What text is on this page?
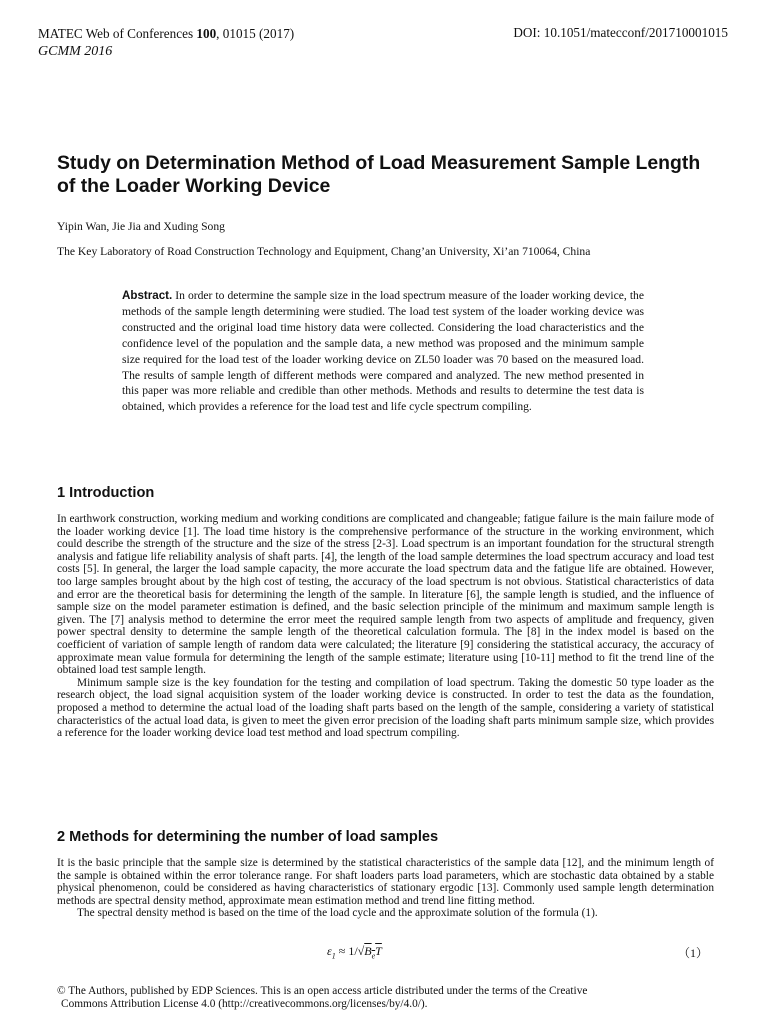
MATEC Web of Conferences 100, 01015 (2017)
GCMM 2016
DOI: 10.1051/matecconf/201710001015
Study on Determination Method of Load Measurement Sample Length of the Loader Working Device
Yipin Wan, Jie Jia and Xuding Song
The Key Laboratory of Road Construction Technology and Equipment, Chang’an University, Xi’an 710064, China
Abstract. In order to determine the sample size in the load spectrum measure of the loader working device, the methods of the sample length determining were studied. The load test system of the loader working device was constructed and the original load time history data were collected. Considering the load characteristics and the confidence level of the population and the sample data, a new method was proposed and the minimum sample size required for the load test of the loader working device on ZL50 loader was 70 based on the measured load. The results of sample length of different methods were compared and analyzed. The new method presented in this paper was more reliable and credible than other methods. Methods and results to determine the test data is obtained, which provides a reference for the load test and life cycle spectrum compiling.
1 Introduction

In earthwork construction, working medium and working conditions are complicated and changeable; fatigue failure is the main failure mode of the loader working device [1]. The load time history is the comprehensive performance of the structure in the working environment, which could describe the strength of the structure and the size of the stress [2-3]. Load spectrum is an important foundation for the structural strength analysis and fatigue life reliability analysis of shaft parts. [4], the length of the load sample determines the load spectrum accuracy and load test costs [5]. In general, the larger the load sample capacity, the more accurate the load spectrum data and the fatigue life are obtained. However, too large samples brought about by the high cost of testing, the accuracy of the load spectrum is not obvious. Statistical characteristics of data and error are the theoretical basis for determining the length of the sample. In literature [6], the sample length is studied, and the influence of sample size on the model parameter estimation is defined, and the basic selection principle of the minimum and maximum sample length is given. The [7] analysis method to determine the error meet the required sample length from two aspects of amplitude and frequency, given power spectral density to determine the sample length of the theoretical calculation formula. The [8] in the index model is based on the coefficient of variation of sample length of random data were calculated; the literature [9] considering the statistical accuracy, the accuracy of approximate mean value formula for determining the length of the sample estimate; literature using [10-11] method to fit the trend line of the obtained load test sample length.

Minimum sample size is the key foundation for the testing and compilation of load spectrum. Taking the domestic 50 type loader as the research object, the load signal acquisition system of the loader working device is constructed. In order to test the data as the foundation, proposed a method to determine the actual load of the loading shaft parts based on the length of the sample, considering a variety of statistical characteristics of the actual load data, is given to meet the given error precision of the loading shaft parts minimum sample size, which provides a reference for the loader working device load test method and load spectrum compiling.

2 Methods for determining the number of load samples

It is the basic principle that the sample size is determined by the statistical characteristics of the sample data [12], and the minimum length of the sample is obtained within the error tolerance range. For shaft loaders parts load parameters, which are stochastic data obtained by a stable physical phenomenon, could be considered as having characteristics of stationary ergodic [13]. Commonly used sample length determination methods are spectral density method, approximate mean estimation method and trend line fitting method.

The spectral density method is based on the time of the load cycle and the approximate solution of the formula (1).

$\varepsilon_1 \approx 1/√B_eT$	（1）
© The Authors, published by EDP Sciences. This is an open access article distributed under the terms of the Creative
Commons Attribution License 4.0 (http://creativecommons.org/licenses/by/4.0/).
